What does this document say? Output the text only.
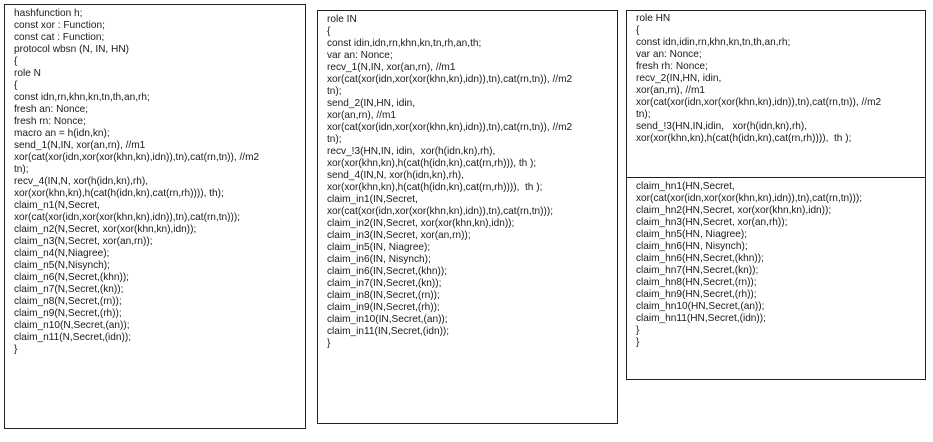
hashfunction h;
const xor : Function;
const cat : Function;
protocol wbsn (N, IN, HN)
{
role N
{
const idn,rn,khn,kn,tn,th,an,rh;
fresh an: Nonce;
fresh rn: Nonce;
macro an = h(idn,kn);
send_1(N,IN, xor(an,rn), //m1
xor(cat(xor(idn,xor(xor(khn,kn),idn)),tn),cat(rn,tn)), //m2
tn);
recv_4(IN,N, xor(h(idn,kn),rh),
xor(xor(khn,kn),h(cat(h(idn,kn),cat(rn,rh)))), th);
claim_n1(N,Secret,
xor(cat(xor(idn,xor(xor(khn,kn),idn)),tn),cat(rn,tn)));
claim_n2(N,Secret, xor(xor(khn,kn),idn));
claim_n3(N,Secret, xor(an,rn));
claim_n4(N,Niagree);
claim_n5(N,Nisynch);
claim_n6(N,Secret,(khn));
claim_n7(N,Secret,(kn));
claim_n8(N,Secret,(rn));
claim_n9(N,Secret,(rh));
claim_n10(N,Secret,(an));
claim_n11(N,Secret,(idn));
}
role IN
{
const idin,idn,rn,khn,kn,tn,rh,an,th;
var an: Nonce;
recv_1(N,IN, xor(an,rn), //m1
xor(cat(xor(idn,xor(xor(khn,kn),idn)),tn),cat(rn,tn)), //m2
tn);
send_2(IN,HN, idin,
xor(an,rn), //m1
xor(cat(xor(idn,xor(xor(khn,kn),idn)),tn),cat(rn,tn)), //m2
tn);
recv_!3(HN,IN, idin,  xor(h(idn,kn),rh),
xor(xor(khn,kn),h(cat(h(idn,kn),cat(rn,rh))), th );
send_4(IN,N, xor(h(idn,kn),rh),
xor(xor(khn,kn),h(cat(h(idn,kn),cat(rn,rh)))),  th );
claim_in1(IN,Secret,
xor(cat(xor(idn,xor(xor(khn,kn),idn)),tn),cat(rn,tn)));
claim_in2(IN,Secret, xor(xor(khn,kn),idn));
claim_in3(IN,Secret, xor(an,rn));
claim_in5(IN, Niagree);
claim_in6(IN, Nisynch);
claim_in6(IN,Secret,(khn));
claim_in7(IN,Secret,(kn));
claim_in8(IN,Secret,(rn));
claim_in9(IN,Secret,(rh));
claim_in10(IN,Secret,(an));
claim_in11(IN,Secret,(idn));
}
role HN
{
const idn,idin,rn,khn,kn,tn,th,an,rh;
var an: Nonce;
fresh rh: Nonce;
recv_2(IN,HN, idin,
xor(an,rn), //m1
xor(cat(xor(idn,xor(xor(khn,kn),idn)),tn),cat(rn,tn)), //m2
tn);
send_!3(HN,IN,idin,   xor(h(idn,kn),rh),
xor(xor(khn,kn),h(cat(h(idn,kn),cat(rn,rh)))),  th );
claim_hn1(HN,Secret,
xor(cat(xor(idn,xor(xor(khn,kn),idn)),tn),cat(rn,tn)));
claim_hn2(HN,Secret, xor(xor(khn,kn),idn));
claim_hn3(HN,Secret, xor(an,rh));
claim_hn5(HN, Niagree);
claim_hn6(HN, Nisynch);
claim_hn6(HN,Secret,(khn));
claim_hn7(HN,Secret,(kn));
claim_hn8(HN,Secret,(rn));
claim_hn9(HN,Secret,(rh));
claim_hn10(HN,Secret,(an));
claim_hn11(HN,Secret,(idn));
}
}
